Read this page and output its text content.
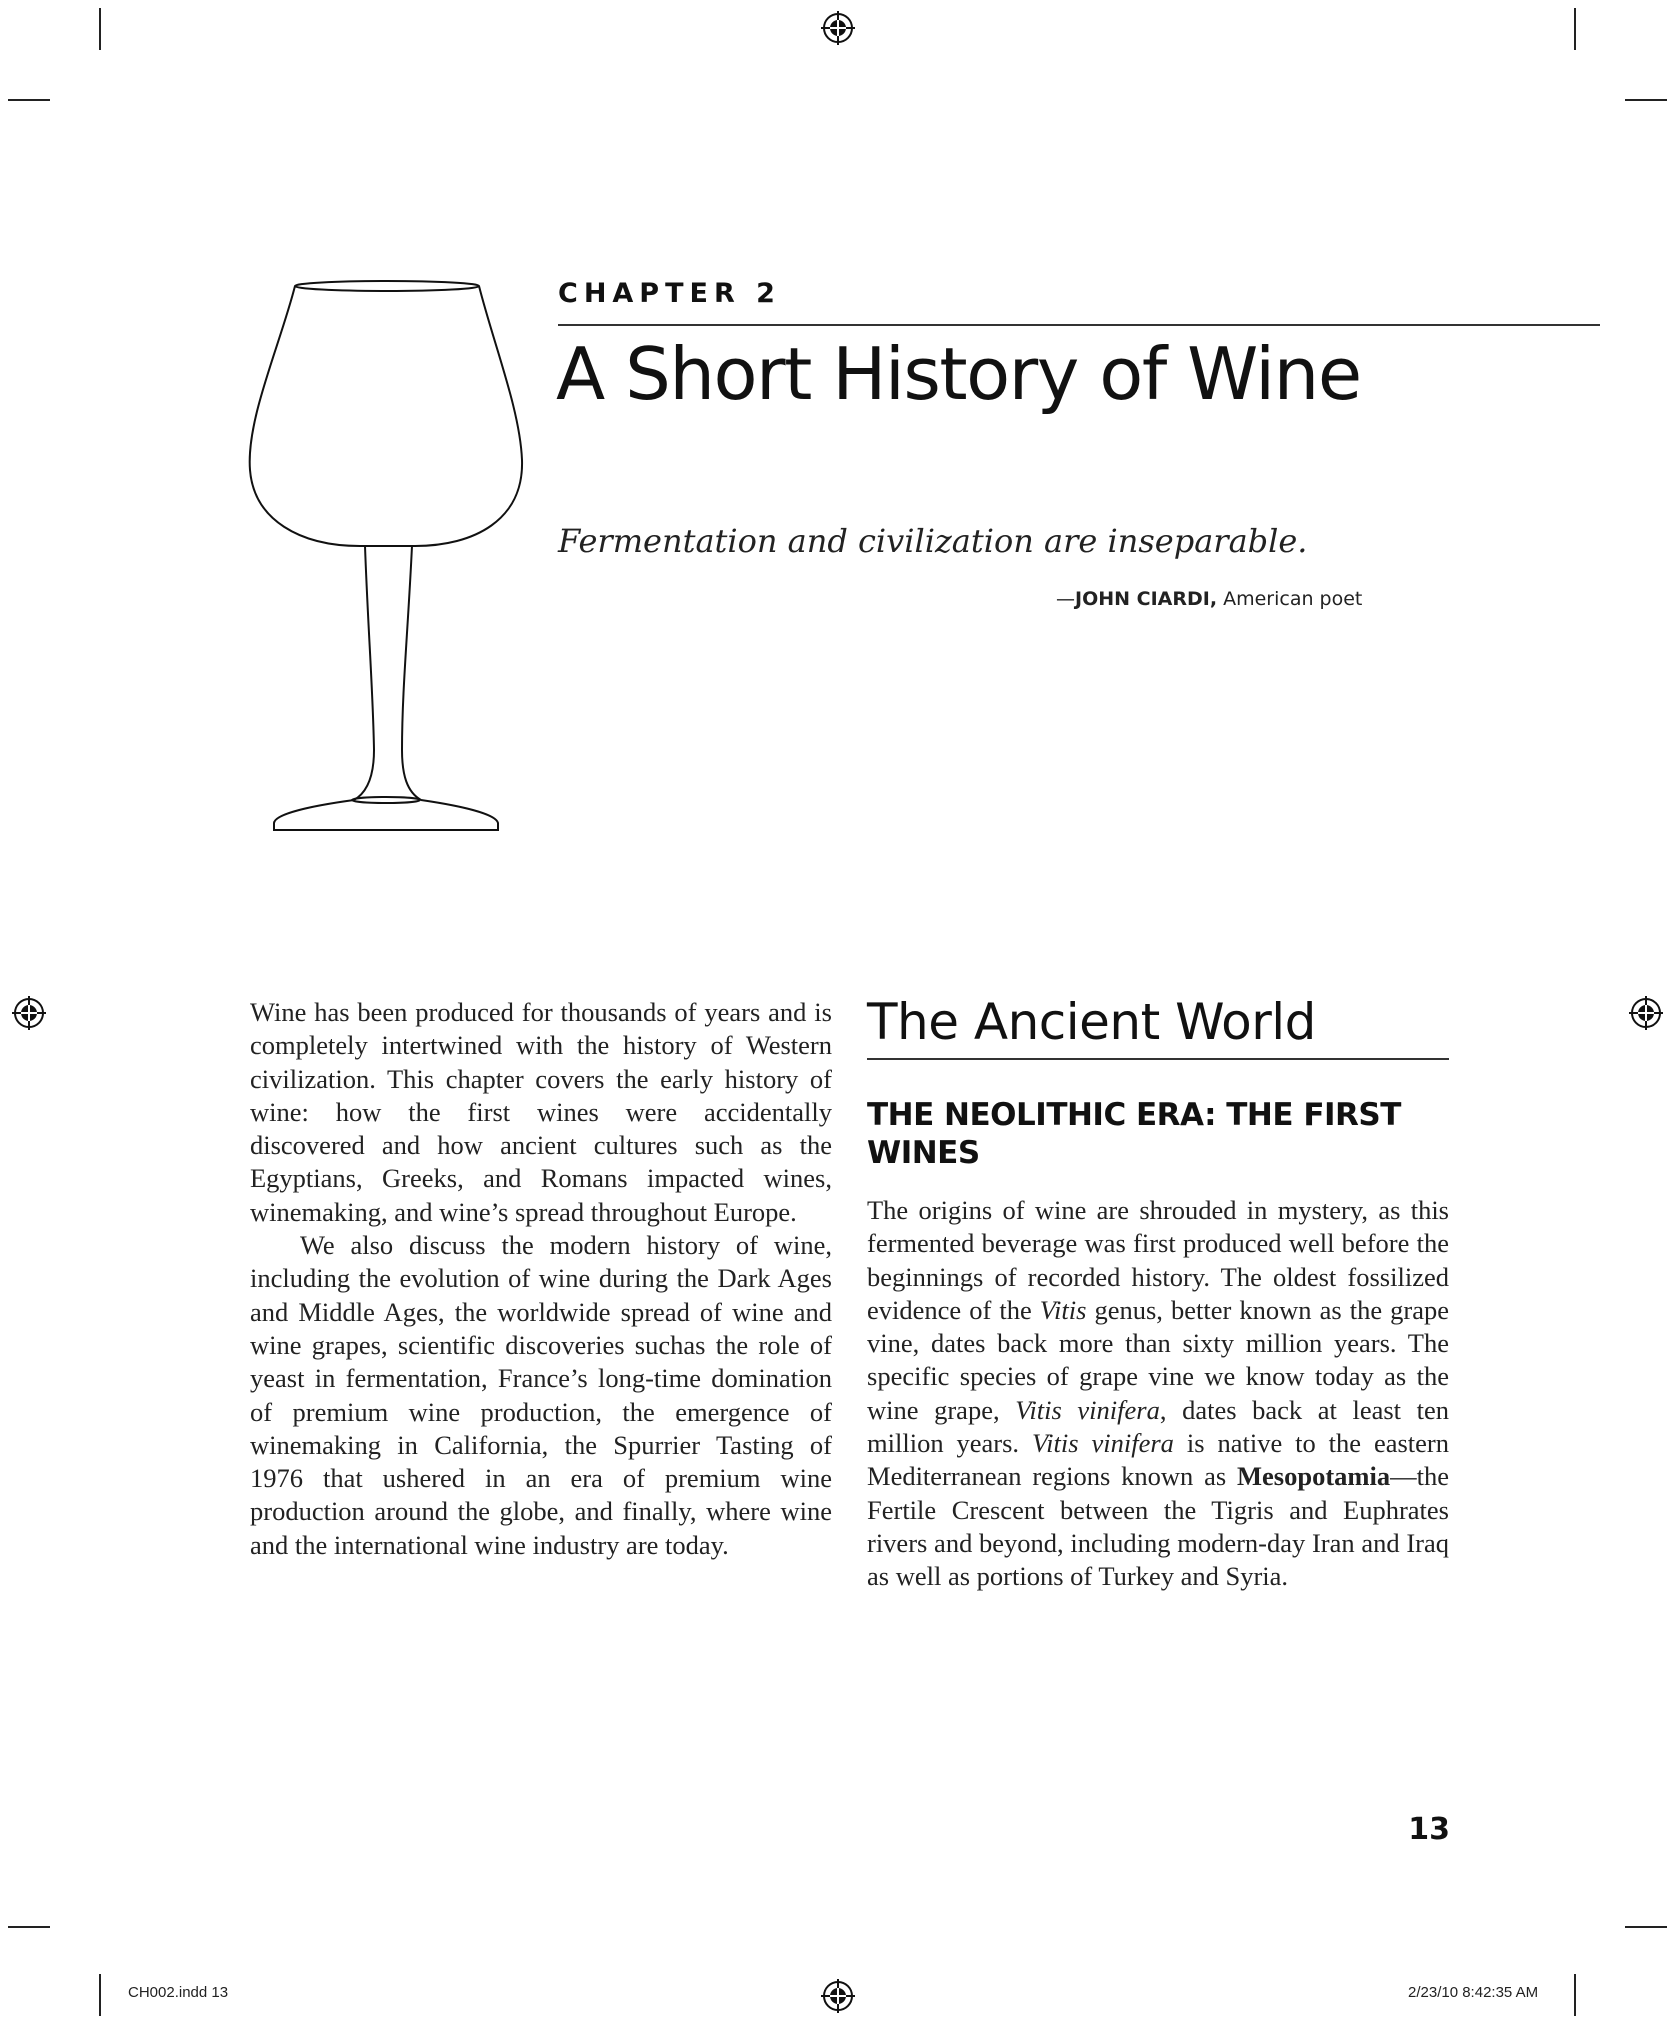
CHAPTER 2
A Short History of Wine

Fermentation and civilization are inseparable.

—JOHN CIARDI, American poet

Wine has been produced for thousands of years and is completely intertwined with the history of Western civilization. This chapter covers the early history of wine: how the first wines were accidentally discovered and how ancient cultures such as the Egyptians, Greeks, and Romans impacted wines, winemaking, and wine’s spread throughout Europe.

We also discuss the modern history of wine, including the evolution of wine during the Dark Ages and Middle Ages, the worldwide spread of wine and wine grapes, scientific discoveries suchas the role of yeast in fermentation, France’s long-time domination of premium wine production, the emergence of winemaking in California, the Spurrier Tasting of 1976 that ushered in an era of premium wine production around the globe, and finally, where wine and the international wine industry are today.

The Ancient World
THE NEOLITHIC ERA: THE FIRST WINES

The origins of wine are shrouded in mystery, as this fermented beverage was first produced well before the beginnings of recorded history. The oldest fossilized evidence of the Vitis genus, better known as the grape vine, dates back more than sixty million years. The specific species of grape vine we know today as the wine grape, Vitis vinifera, dates back at least ten million years. Vitis vinifera is native to the eastern Mediterranean regions known as Mesopotamia—the Fertile Crescent between the Tigris and Euphrates rivers and beyond, including modern-day Iran and Iraq as well as portions of Turkey and Syria.

13

CH002.indd 13	2/23/10 8:42:35 AM
